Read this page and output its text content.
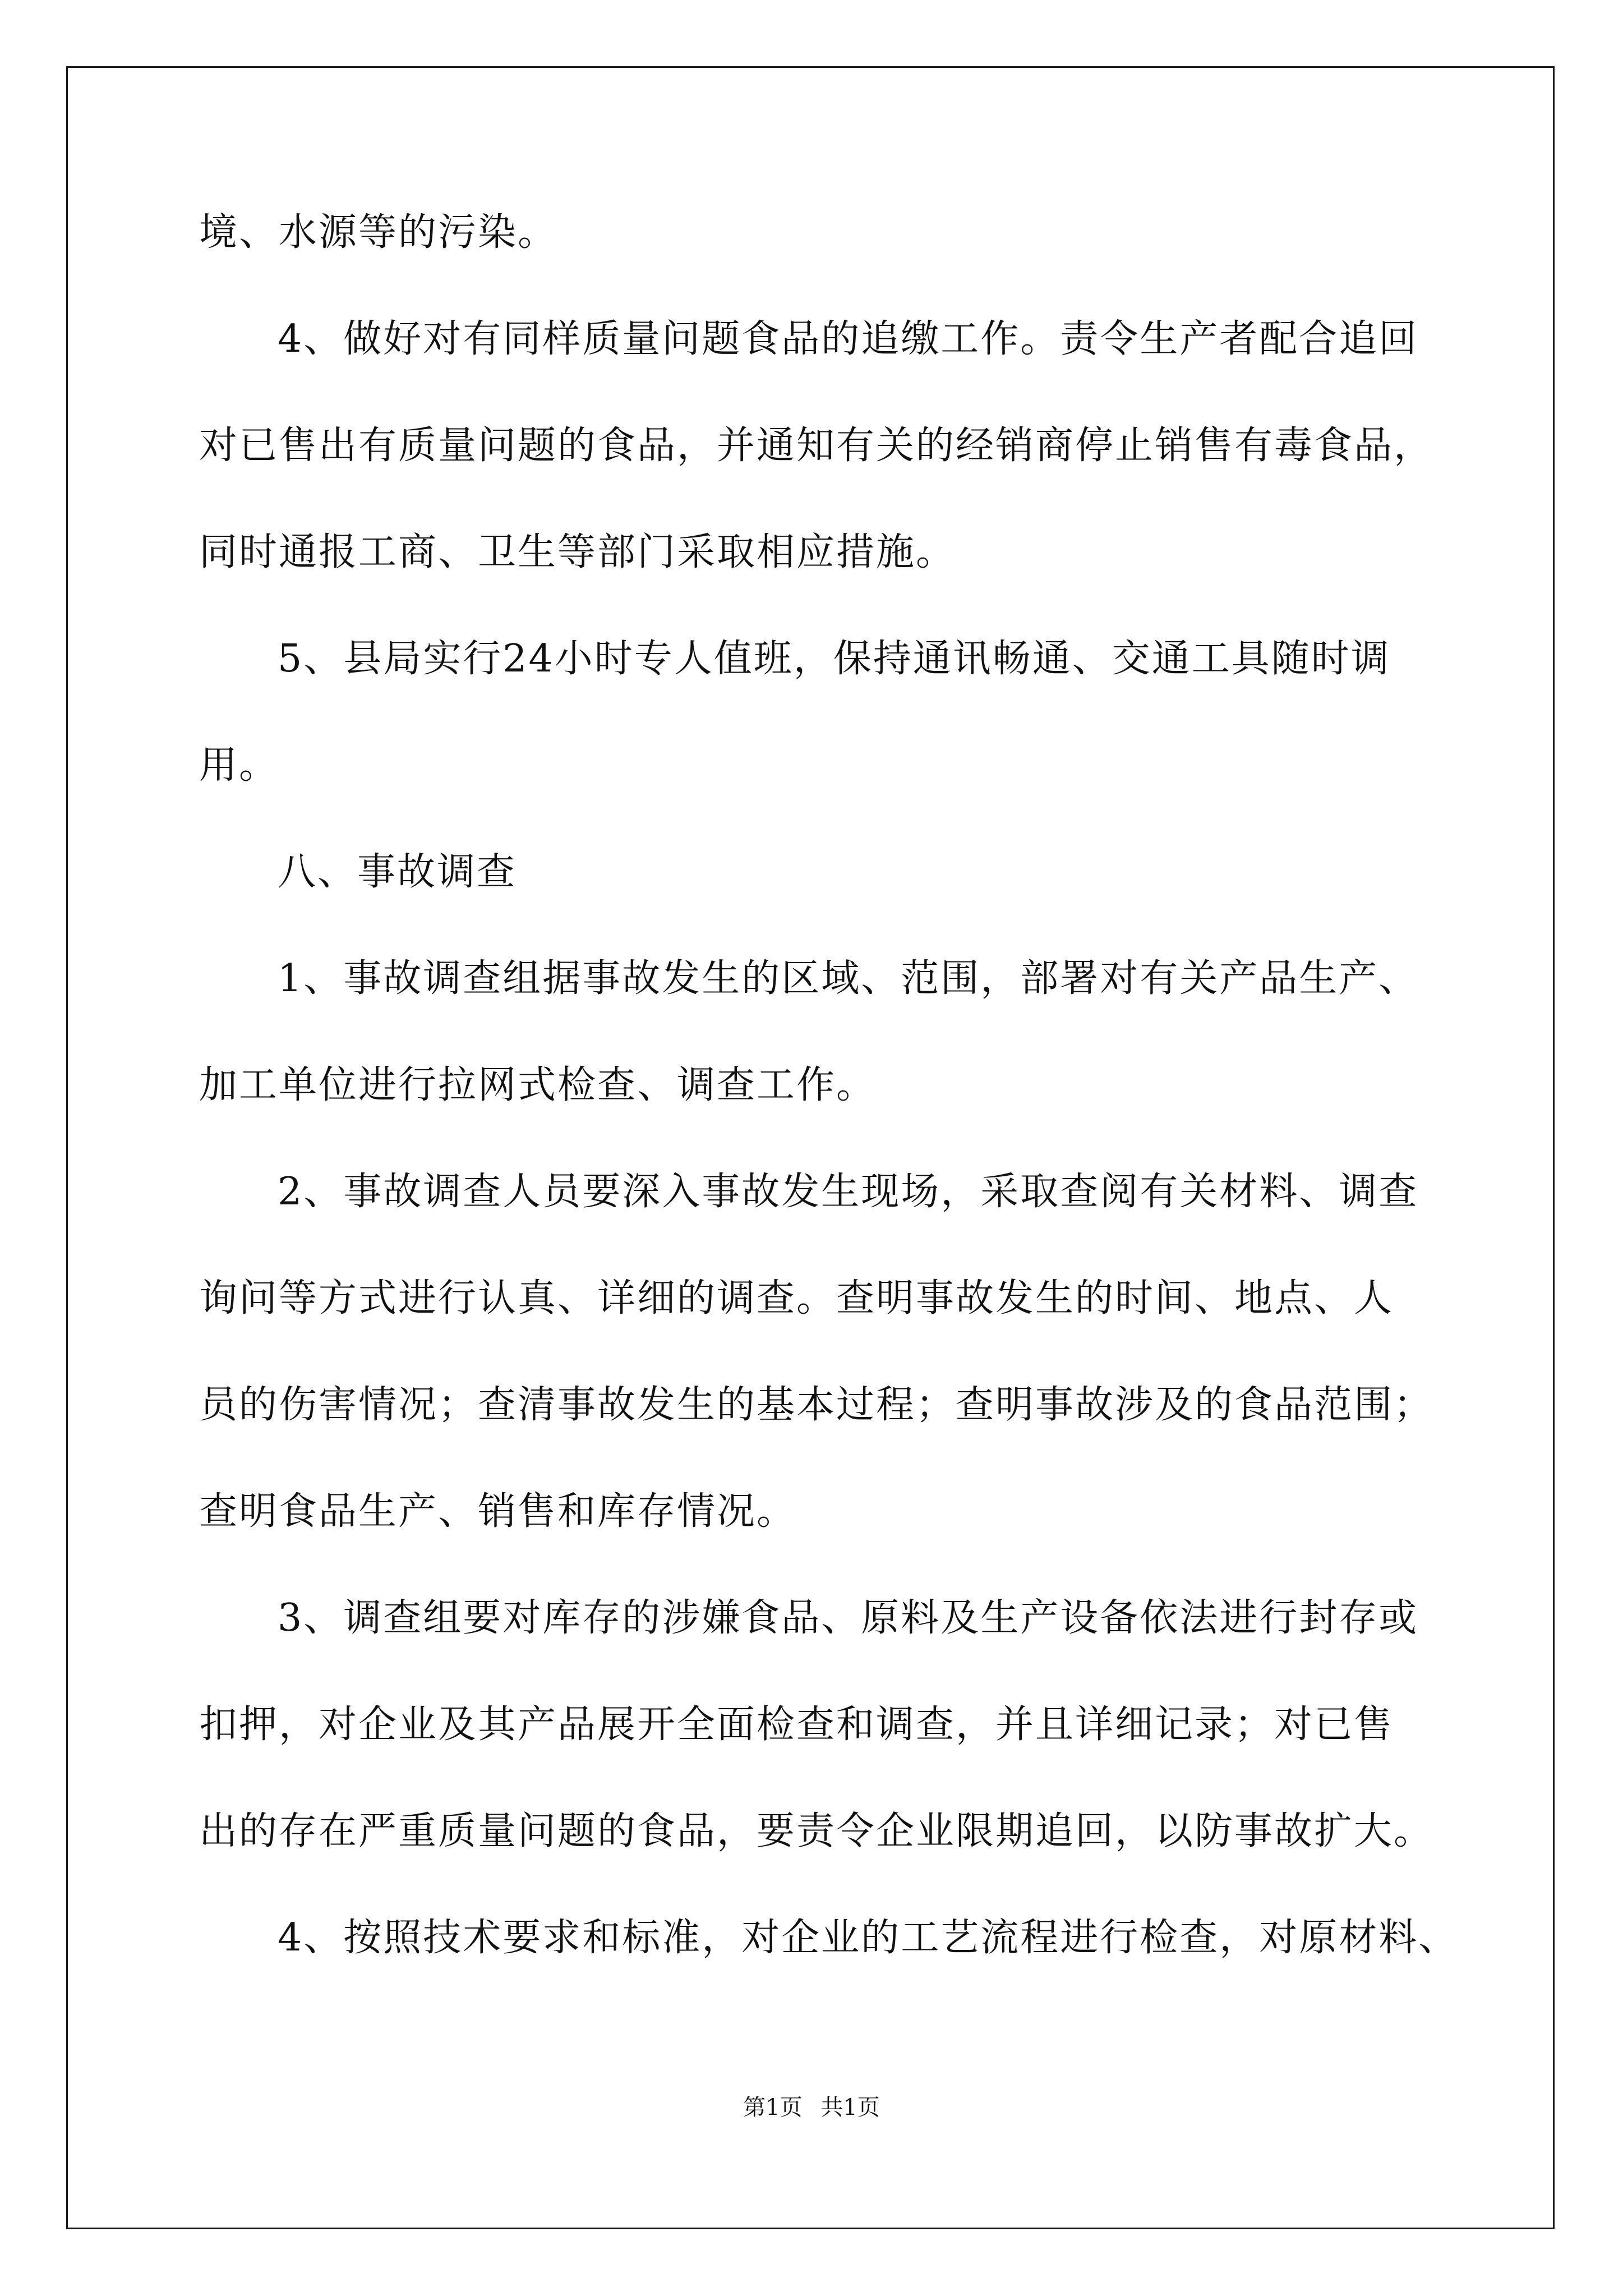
境、水源等的污染。
4、做好对有同样质量问题食品的追缴工作。责令生产者配合追回
对已售出有质量问题的食品，并通知有关的经销商停止销售有毒食品，
同时通报工商、卫生等部门采取相应措施。
5、县局实行24小时专人值班，保持通讯畅通、交通工具随时调
用。
八、事故调查
1、事故调查组据事故发生的区域、范围，部署对有关产品生产、
加工单位进行拉网式检查、调查工作。
2、事故调查人员要深入事故发生现场，采取查阅有关材料、调查
询问等方式进行认真、详细的调查。查明事故发生的时间、地点、人
员的伤害情况；查清事故发生的基本过程；查明事故涉及的食品范围；
查明食品生产、销售和库存情况。
3、调查组要对库存的涉嫌食品、原料及生产设备依法进行封存或
扣押，对企业及其产品展开全面检查和调查，并且详细记录；对已售
出的存在严重质量问题的食品，要责令企业限期追回，以防事故扩大。
4、按照技术要求和标准，对企业的工艺流程进行检查，对原材料、
第1页 共1页
